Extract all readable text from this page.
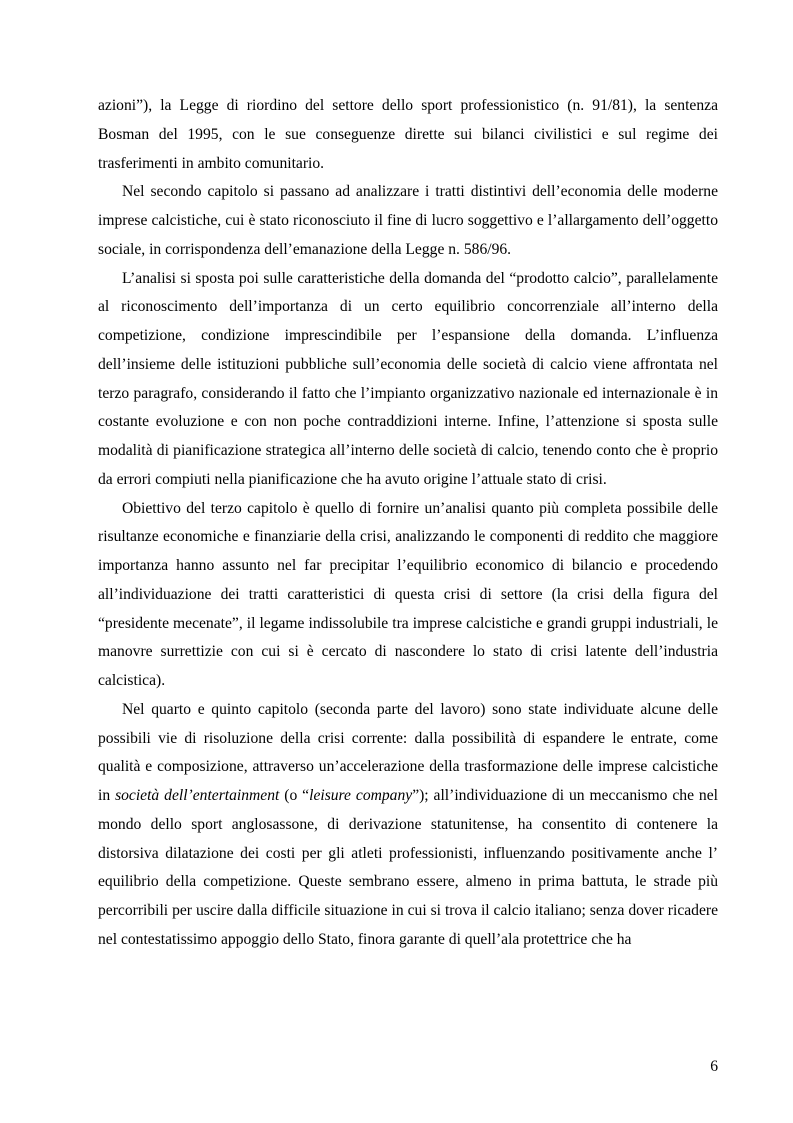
azioni”), la Legge di riordino del settore dello sport professionistico (n. 91/81), la sentenza Bosman del 1995, con le sue conseguenze dirette sui bilanci civilistici e sul regime dei trasferimenti in ambito comunitario.

Nel secondo capitolo si passano ad analizzare i tratti distintivi dell’economia delle moderne imprese calcistiche, cui è stato riconosciuto il fine di lucro soggettivo e l’allargamento dell’oggetto sociale, in corrispondenza dell’emanazione della Legge n. 586/96.

L’analisi si sposta poi sulle caratteristiche della domanda del “prodotto calcio”, parallelamente al riconoscimento dell’importanza di un certo equilibrio concorrenziale all’interno della competizione, condizione imprescindibile per l’espansione della domanda. L’influenza dell’insieme delle istituzioni pubbliche sull’economia delle società di calcio viene affrontata nel terzo paragrafo, considerando il fatto che l’impianto organizzativo nazionale ed internazionale è in costante evoluzione e con non poche contraddizioni interne. Infine, l’attenzione si sposta sulle modalità di pianificazione strategica all’interno delle società di calcio, tenendo conto che è proprio da errori compiuti nella pianificazione che ha avuto origine l’attuale stato di crisi.

Obiettivo del terzo capitolo è quello di fornire un’analisi quanto più completa possibile delle risultanze economiche e finanziarie della crisi, analizzando le componenti di reddito che maggiore importanza hanno assunto nel far precipitar l’equilibrio economico di bilancio e procedendo all’individuazione dei tratti caratteristici di questa crisi di settore (la crisi della figura del “presidente mecenate”, il legame indissolubile tra imprese calcistiche e grandi gruppi industriali, le manovre surrettizie con cui si è cercato di nascondere lo stato di crisi latente dell’industria calcistica).

Nel quarto e quinto capitolo (seconda parte del lavoro) sono state individuate alcune delle possibili vie di risoluzione della crisi corrente: dalla possibilità di espandere le entrate, come qualità e composizione, attraverso un’accelerazione della trasformazione delle imprese calcistiche in società dell’entertainment (o “leisure company”); all’individuazione di un meccanismo che nel mondo dello sport anglosassone, di derivazione statunitense, ha consentito di contenere la distorsiva dilatazione dei costi per gli atleti professionisti, influenzando positivamente anche l’ equilibrio della competizione. Queste sembrano essere, almeno in prima battuta, le strade più percorribili per uscire dalla difficile situazione in cui si trova il calcio italiano; senza dover ricadere nel contestatissimo appoggio dello Stato, finora garante di quell’ala protettrice che ha

6
